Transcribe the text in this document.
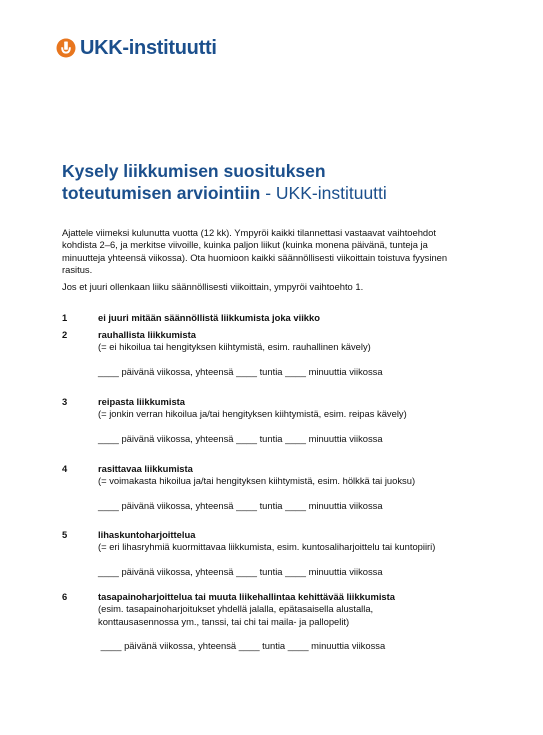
UKK-instituutti
Kysely liikkumisen suosituksen
toteutumisen arviointiin - UKK-instituutti

Ajattele viimeksi kulunutta vuotta (12 kk). Ympyröi kaikki tilannettasi vastaavat vaihtoehdot kohdista 2–6, ja merkitse viivoille, kuinka paljon liikut (kuinka monena päivänä, tunteja ja minuutteja yhteensä viikossa). Ota huomioon kaikki säännöllisesti viikoittain toistuva fyysinen rasitus.

Jos et juuri ollenkaan liiku säännöllisesti viikoittain, ympyröi vaihtoehto 1.

1	ei juuri mitään säännöllistä liikkumista joka viikko
2	rauhallista liikkumista
(= ei hikoilua tai hengityksen kiihtymistä, esim. rauhallinen kävely)
____ päivänä viikossa, yhteensä ____ tuntia ____ minuuttia viikossa
3	reipasta liikkumista
(= jonkin verran hikoilua ja/tai hengityksen kiihtymistä, esim. reipas kävely)
____ päivänä viikossa, yhteensä ____ tuntia ____ minuuttia viikossa
4	rasittavaa liikkumista
(= voimakasta hikoilua ja/tai hengityksen kiihtymistä, esim. hölkkä tai juoksu)
____ päivänä viikossa, yhteensä ____ tuntia ____ minuuttia viikossa
5	lihaskuntoharjoittelua
(= eri lihasryhmiä kuormittavaa liikkumista, esim. kuntosaliharjoittelu tai kuntopiiri)
____ päivänä viikossa, yhteensä ____ tuntia ____ minuuttia viikossa
6	tasapainoharjoittelua tai muuta liikehallintaa kehittävää liikkumista
(esim. tasapainoharjoitukset yhdellä jalalla, epätasaisella alustalla, konttausasennossa ym., tanssi, tai chi tai maila- ja pallopelit)
____ päivänä viikossa, yhteensä ____ tuntia ____ minuuttia viikossa
